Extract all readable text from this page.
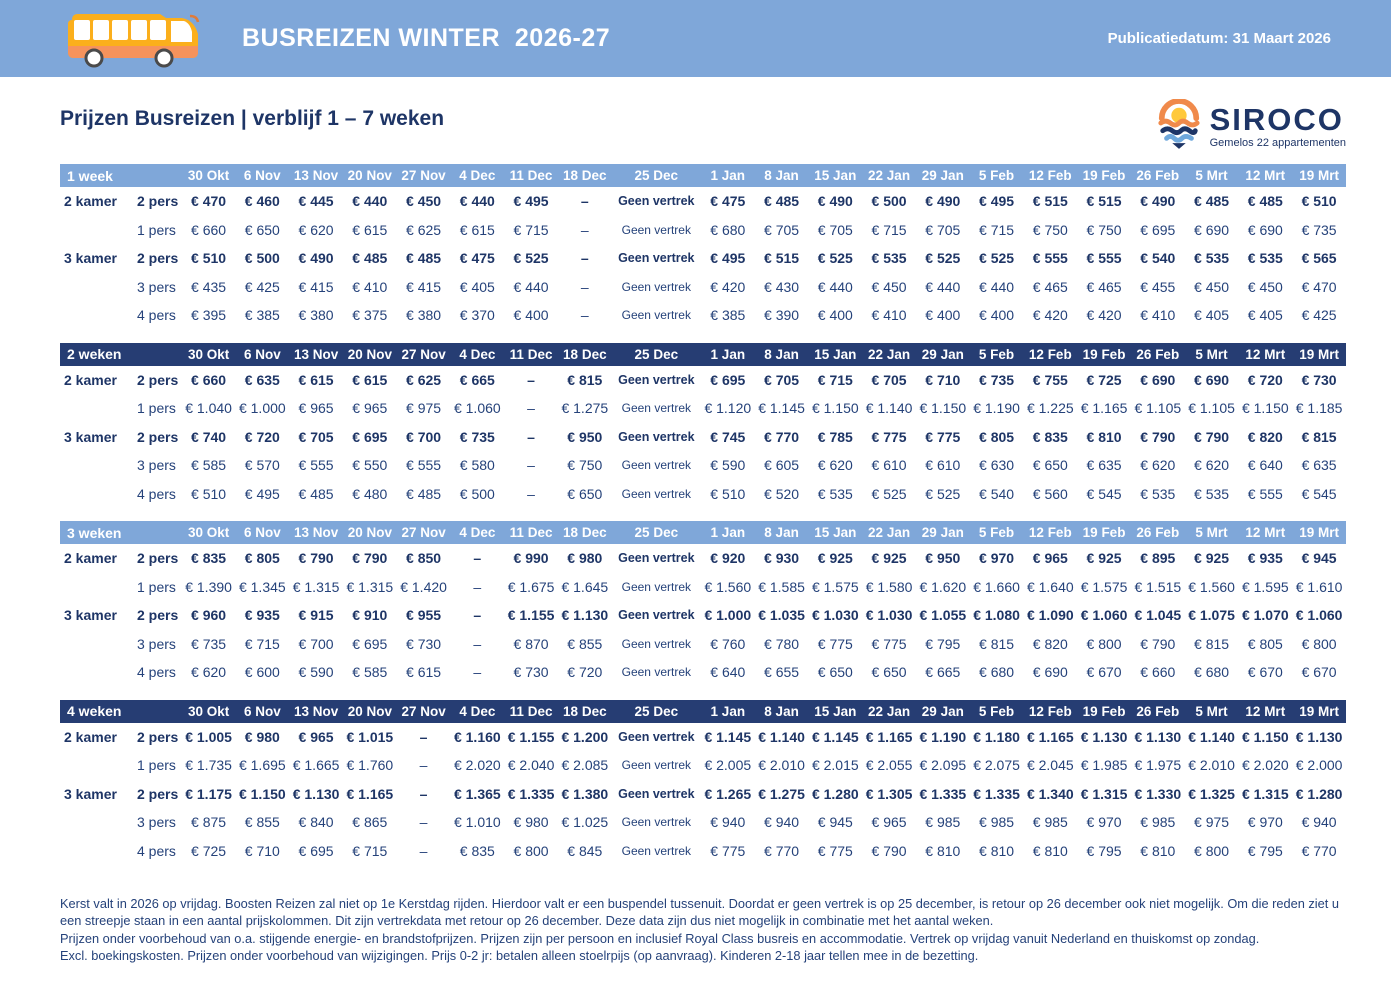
BUSREIZEN WINTER  2026-27	Publicatiedatum: 31 Maart 2026
Prijzen Busreizen | verblijf 1 – 7 weken	SIROCO
Gemelos 22 appartementen
1 week		30 Okt	6 Nov	13 Nov	20 Nov	27 Nov	4 Dec	11 Dec	18 Dec	25 Dec	1 Jan	8 Jan	15 Jan	22 Jan	29 Jan	5 Feb	12 Feb	19 Feb	26 Feb	5 Mrt	12 Mrt	19 Mrt
2 kamer	2 pers	€ 470	€ 460	€ 445	€ 440	€ 450	€ 440	€ 495	–	Geen vertrek	€ 475	€ 485	€ 490	€ 500	€ 490	€ 495	€ 515	€ 515	€ 490	€ 485	€ 485	€ 510
	1 pers	€ 660	€ 650	€ 620	€ 615	€ 625	€ 615	€ 715	–	Geen vertrek	€ 680	€ 705	€ 705	€ 715	€ 705	€ 715	€ 750	€ 750	€ 695	€ 690	€ 690	€ 735
3 kamer	2 pers	€ 510	€ 500	€ 490	€ 485	€ 485	€ 475	€ 525	–	Geen vertrek	€ 495	€ 515	€ 525	€ 535	€ 525	€ 525	€ 555	€ 555	€ 540	€ 535	€ 535	€ 565
	3 pers	€ 435	€ 425	€ 415	€ 410	€ 415	€ 405	€ 440	–	Geen vertrek	€ 420	€ 430	€ 440	€ 450	€ 440	€ 440	€ 465	€ 465	€ 455	€ 450	€ 450	€ 470
	4 pers	€ 395	€ 385	€ 380	€ 375	€ 380	€ 370	€ 400	–	Geen vertrek	€ 385	€ 390	€ 400	€ 410	€ 400	€ 400	€ 420	€ 420	€ 410	€ 405	€ 405	€ 425
2 weken		30 Okt	6 Nov	13 Nov	20 Nov	27 Nov	4 Dec	11 Dec	18 Dec	25 Dec	1 Jan	8 Jan	15 Jan	22 Jan	29 Jan	5 Feb	12 Feb	19 Feb	26 Feb	5 Mrt	12 Mrt	19 Mrt
2 kamer	2 pers	€ 660	€ 635	€ 615	€ 615	€ 625	€ 665	–	€ 815	Geen vertrek	€ 695	€ 705	€ 715	€ 705	€ 710	€ 735	€ 755	€ 725	€ 690	€ 690	€ 720	€ 730
	1 pers	€ 1.040	€ 1.000	€ 965	€ 965	€ 975	€ 1.060	–	€ 1.275	Geen vertrek	€ 1.120	€ 1.145	€ 1.150	€ 1.140	€ 1.150	€ 1.190	€ 1.225	€ 1.165	€ 1.105	€ 1.105	€ 1.150	€ 1.185
3 kamer	2 pers	€ 740	€ 720	€ 705	€ 695	€ 700	€ 735	–	€ 950	Geen vertrek	€ 745	€ 770	€ 785	€ 775	€ 775	€ 805	€ 835	€ 810	€ 790	€ 790	€ 820	€ 815
	3 pers	€ 585	€ 570	€ 555	€ 550	€ 555	€ 580	–	€ 750	Geen vertrek	€ 590	€ 605	€ 620	€ 610	€ 610	€ 630	€ 650	€ 635	€ 620	€ 620	€ 640	€ 635
	4 pers	€ 510	€ 495	€ 485	€ 480	€ 485	€ 500	–	€ 650	Geen vertrek	€ 510	€ 520	€ 535	€ 525	€ 525	€ 540	€ 560	€ 545	€ 535	€ 535	€ 555	€ 545
3 weken		30 Okt	6 Nov	13 Nov	20 Nov	27 Nov	4 Dec	11 Dec	18 Dec	25 Dec	1 Jan	8 Jan	15 Jan	22 Jan	29 Jan	5 Feb	12 Feb	19 Feb	26 Feb	5 Mrt	12 Mrt	19 Mrt
2 kamer	2 pers	€ 835	€ 805	€ 790	€ 790	€ 850	–	€ 990	€ 980	Geen vertrek	€ 920	€ 930	€ 925	€ 925	€ 950	€ 970	€ 965	€ 925	€ 895	€ 925	€ 935	€ 945
	1 pers	€ 1.390	€ 1.345	€ 1.315	€ 1.315	€ 1.420	–	€ 1.675	€ 1.645	Geen vertrek	€ 1.560	€ 1.585	€ 1.575	€ 1.580	€ 1.620	€ 1.660	€ 1.640	€ 1.575	€ 1.515	€ 1.560	€ 1.595	€ 1.610
3 kamer	2 pers	€ 960	€ 935	€ 915	€ 910	€ 955	–	€ 1.155	€ 1.130	Geen vertrek	€ 1.000	€ 1.035	€ 1.030	€ 1.030	€ 1.055	€ 1.080	€ 1.090	€ 1.060	€ 1.045	€ 1.075	€ 1.070	€ 1.060
	3 pers	€ 735	€ 715	€ 700	€ 695	€ 730	–	€ 870	€ 855	Geen vertrek	€ 760	€ 780	€ 775	€ 775	€ 795	€ 815	€ 820	€ 800	€ 790	€ 815	€ 805	€ 800
	4 pers	€ 620	€ 600	€ 590	€ 585	€ 615	–	€ 730	€ 720	Geen vertrek	€ 640	€ 655	€ 650	€ 650	€ 665	€ 680	€ 690	€ 670	€ 660	€ 680	€ 670	€ 670
4 weken		30 Okt	6 Nov	13 Nov	20 Nov	27 Nov	4 Dec	11 Dec	18 Dec	25 Dec	1 Jan	8 Jan	15 Jan	22 Jan	29 Jan	5 Feb	12 Feb	19 Feb	26 Feb	5 Mrt	12 Mrt	19 Mrt
2 kamer	2 pers	€ 1.005	€ 980	€ 965	€ 1.015	–	€ 1.160	€ 1.155	€ 1.200	Geen vertrek	€ 1.145	€ 1.140	€ 1.145	€ 1.165	€ 1.190	€ 1.180	€ 1.165	€ 1.130	€ 1.130	€ 1.140	€ 1.150	€ 1.130
	1 pers	€ 1.735	€ 1.695	€ 1.665	€ 1.760	–	€ 2.020	€ 2.040	€ 2.085	Geen vertrek	€ 2.005	€ 2.010	€ 2.015	€ 2.055	€ 2.095	€ 2.075	€ 2.045	€ 1.985	€ 1.975	€ 2.010	€ 2.020	€ 2.000
3 kamer	2 pers	€ 1.175	€ 1.150	€ 1.130	€ 1.165	–	€ 1.365	€ 1.335	€ 1.380	Geen vertrek	€ 1.265	€ 1.275	€ 1.280	€ 1.305	€ 1.335	€ 1.335	€ 1.340	€ 1.315	€ 1.330	€ 1.325	€ 1.315	€ 1.280
	3 pers	€ 875	€ 855	€ 840	€ 865	–	€ 1.010	€ 980	€ 1.025	Geen vertrek	€ 940	€ 940	€ 945	€ 965	€ 985	€ 985	€ 985	€ 970	€ 985	€ 975	€ 970	€ 940
	4 pers	€ 725	€ 710	€ 695	€ 715	–	€ 835	€ 800	€ 845	Geen vertrek	€ 775	€ 770	€ 775	€ 790	€ 810	€ 810	€ 810	€ 795	€ 810	€ 800	€ 795	€ 770

Kerst valt in 2026 op vrijdag. Boosten Reizen zal niet op 1e Kerstdag rijden. Hierdoor valt er een buspendel tussenuit. Doordat er geen vertrek is op 25 december, is retour op 26 december ook niet mogelijk. Om die reden ziet u een streepje staan in een aantal prijskolommen. Dit zijn vertrekdata met retour op 26 december. Deze data zijn dus niet mogelijk in combinatie met het aantal weken.

Prijzen onder voorbehoud van o.a. stijgende energie- en brandstofprijzen. Prijzen zijn per persoon en inclusief Royal Class busreis en accommodatie. Vertrek op vrijdag vanuit Nederland en thuiskomst op zondag.

Excl. boekingskosten. Prijzen onder voorbehoud van wijzigingen. Prijs 0-2 jr: betalen alleen stoelrpijs (op aanvraag). Kinderen 2-18 jaar tellen mee in de bezetting.
